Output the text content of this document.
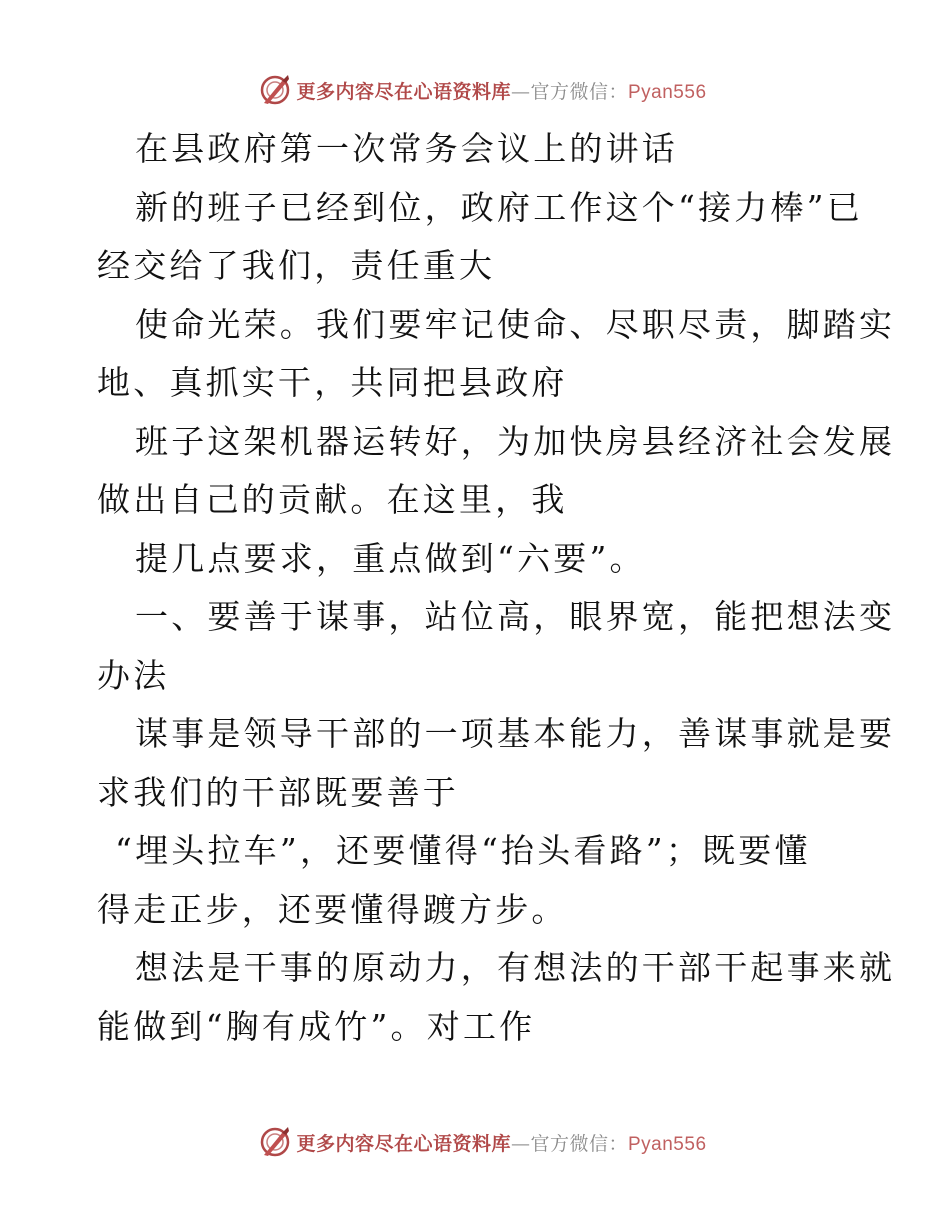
更多内容尽在心语资料库—官方微信：Pyan556
在县政府第一次常务会议上的讲话
新的班子已经到位，政府工作这个“接力棒”已
经交给了我们，责任重大
使命光荣。我们要牢记使命、尽职尽责，脚踏实
地、真抓实干，共同把县政府
班子这架机器运转好，为加快房县经济社会发展
做出自己的贡献。在这里，我
提几点要求，重点做到“六要”。
一、要善于谋事，站位高，眼界宽，能把想法变
办法
谋事是领导干部的一项基本能力，善谋事就是要
求我们的干部既要善于
“埋头拉车”，还要懂得“抬头看路”；既要懂
得走正步，还要懂得踱方步。
想法是干事的原动力，有想法的干部干起事来就
能做到“胸有成竹”。对工作
更多内容尽在心语资料库—官方微信：Pyan556
